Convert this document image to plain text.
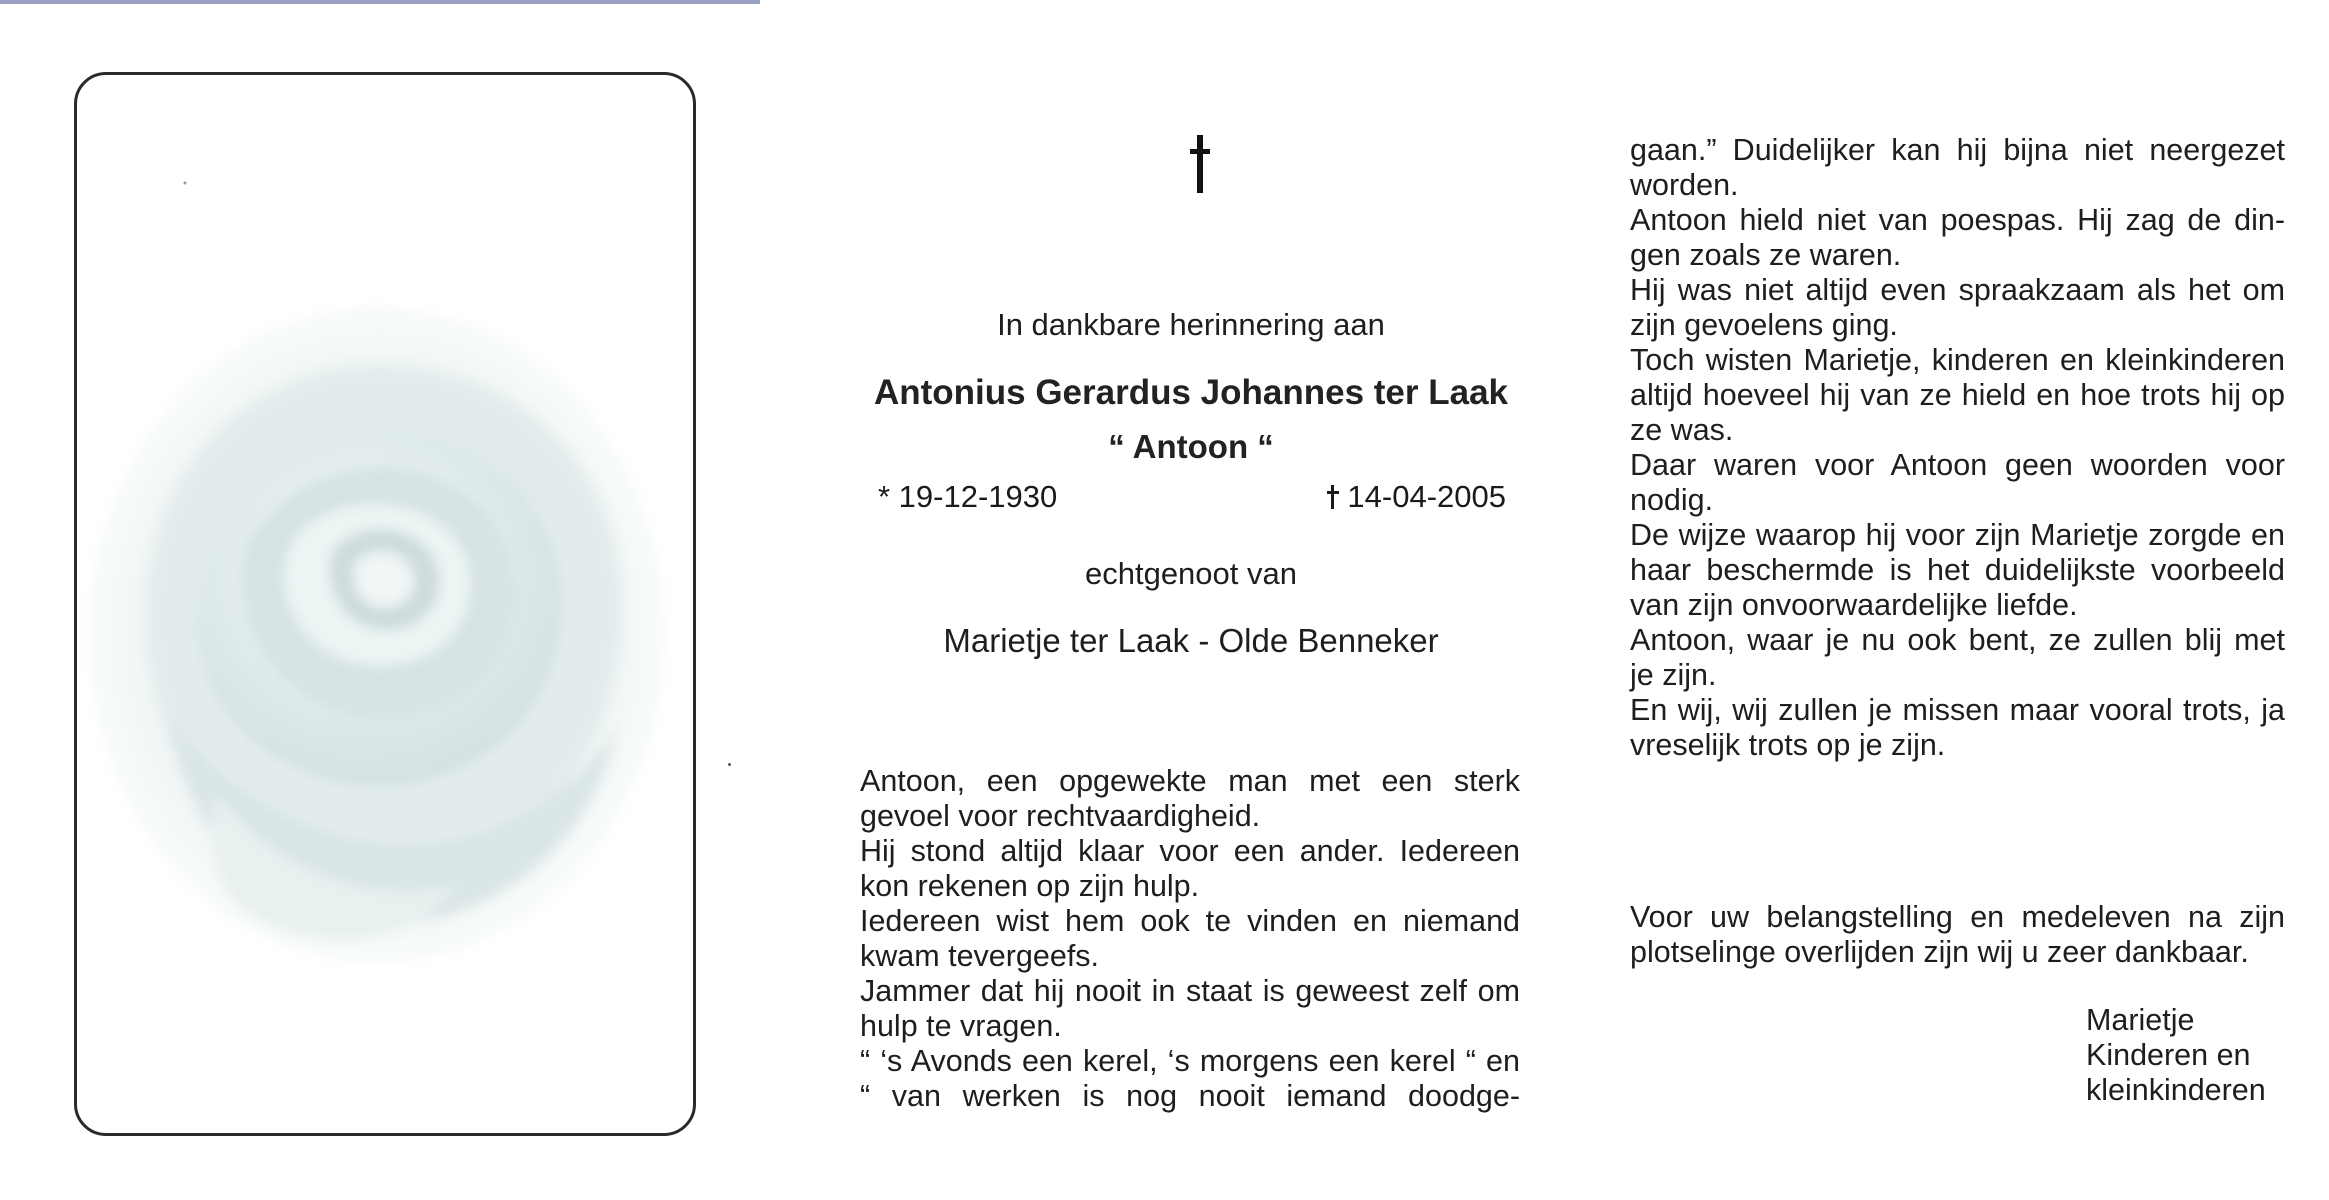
In dankbare herinnering aan
Antonius Gerardus Johannes ter Laak
“ Antoon “
echtgenoot van
Marietje ter Laak - Olde Benneker
* 19-12-1930	14-04-2005
Antoon, een opgewekte man met een sterk
gevoel voor rechtvaardigheid.
Hij stond altijd klaar voor een ander. Iedereen
kon rekenen op zijn hulp.
Iedereen wist hem ook te vinden en niemand
kwam tevergeefs.
Jammer dat hij nooit in staat is geweest zelf om
hulp te vragen.
“ ‘s Avonds een kerel, ‘s morgens een kerel “ en
“ van werken is nog nooit iemand doodge-
gaan.” Duidelijker kan hij bijna niet neergezet
worden.
Antoon hield niet van poespas. Hij zag de din-
gen zoals ze waren.
Hij was niet altijd even spraakzaam als het om
zijn gevoelens ging.
Toch wisten Marietje, kinderen en kleinkinderen
altijd hoeveel hij van ze hield en hoe trots hij op
ze was.
Daar waren voor Antoon geen woorden voor
nodig.
De wijze waarop hij voor zijn Marietje zorgde en
haar beschermde is het duidelijkste voorbeeld
van zijn onvoorwaardelijke liefde.
Antoon, waar je nu ook bent, ze zullen blij met
je zijn.
En wij, wij zullen je missen maar vooral trots, ja
vreselijk trots op je zijn.
Voor uw belangstelling en medeleven na zijn
plotselinge overlijden zijn wij u zeer dankbaar.
Marietje
Kinderen en
kleinkinderen
